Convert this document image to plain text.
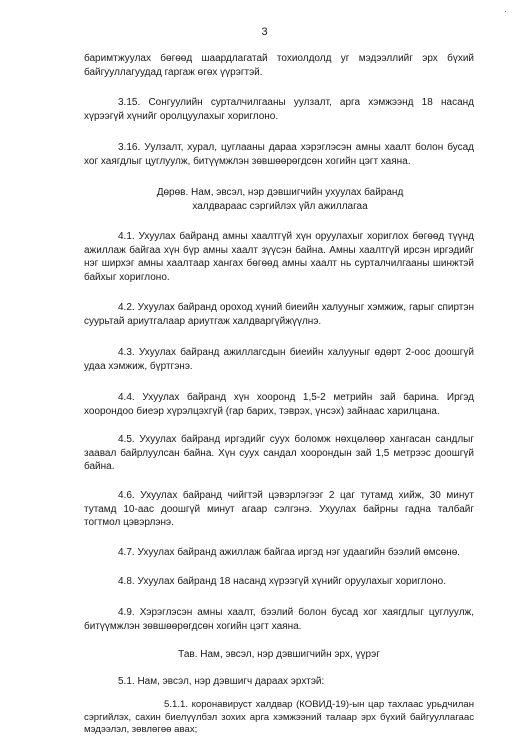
·
3

баримтжуулах бөгөөд шаардлагатай тохиолдолд уг мэдээллийг эрх бүхий байгууллагуудад гаргаж өгөх үүрэгтэй.

3.15. Сонгуулийн сурталчилгааны уулзалт, арга хэмжээнд 18 насанд хүрээгүй хүнийг оролцуулахыг хориглоно.

3.16. Уулзалт, хурал, цуглааны дараа хэрэглэсэн амны хаалт болон бусад хог хаягдлыг цуглуулж, битүүмжлэн зөвшөөрөгдсөн хогийн цэгт хаяна.

Дөрөв. Нам, эвсэл, нэр дэвшигчийн ухуулах байранд халдвараас сэргийлэх үйл ажиллагаа

4.1. Ухуулах байранд амны хаалтгүй хүн оруулахыг хориглох бөгөөд түүнд ажиллаж байгаа хүн бүр амны хаалт зүүсэн байна. Амны хаалтгүй ирсэн иргэдийг нэг ширхэг амны хаалтаар хангах бөгөөд амны хаалт нь сурталчилгааны шинжтэй байхыг хориглоно.

4.2. Ухуулах байранд ороход хүний биеийн халууныг хэмжиж, гарыг спиртэн суурьтай ариутгалаар ариутгаж халдваргүйжүүлнэ.

4.3. Ухуулах байранд ажиллагсдын биеийн халууныг өдөрт 2-оос доошгүй удаа хэмжиж, бүртгэнэ.

4.4. Ухуулах байранд хүн хооронд 1,5-2 метрийн зай барина. Иргэд хоорондоо биеэр хүрэлцэхгүй (гар барих, тэврэх, үнсэх) зайнаас харилцана.

4.5. Ухуулах байранд иргэдийг суух боломж нөхцөлөөр хангасан сандлыг заавал байрлуулсан байна. Хүн суух сандал хоорондын зай 1,5 метрээс доошгүй байна.

4.6. Ухуулах байранд чийгтэй цэвэрлэгээг 2 цаг тутамд хийж, 30 минут тутамд 10-аас доошгүй минут агаар сэлгэнэ. Ухуулах байрны гадна талбайг тогтмол цэвэрлэнэ.

4.7. Ухуулах байранд ажиллаж байгаа иргэд нэг удаагийн бээлий өмсөнө.

4.8. Ухуулах байранд 18 насанд хүрээгүй хүнийг оруулахыг хориглоно.

4.9. Хэрэглэсэн амны хаалт, бээлий болон бусад хог хаягдлыг цуглуулж, битүүмжлэн зөвшөөрөгдсөн хогийн цэгт хаяна.

Тав. Нам, эвсэл, нэр дэвшигчийн эрх, үүрэг

5.1. Нам, эвсэл, нэр дэвшигч дараах эрхтэй:

5.1.1. коронавируст халдвар (КОВИД-19)-ын цар тахлаас урьдчилан сэргийлэх, сахин биелүүлбэл зохих арга хэмжээний талаар эрх бүхий байгууллагаас мэдээлэл, зөвлөгөө авах;
